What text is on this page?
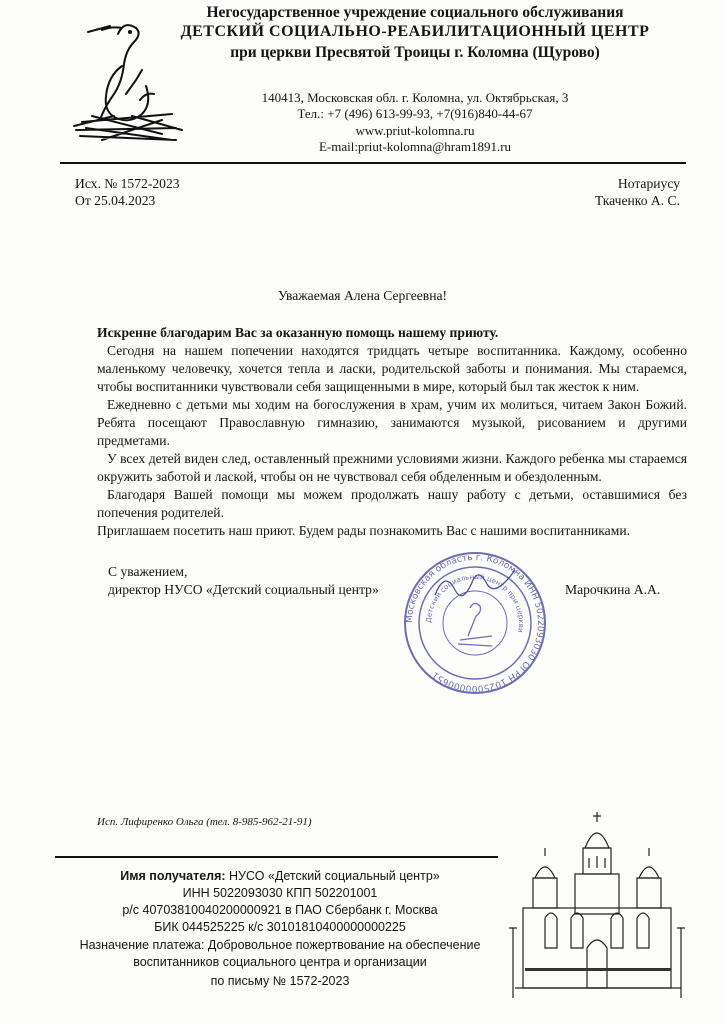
Негосударственное учреждение социального обслуживания
ДЕТСКИЙ СОЦИАЛЬНО-РЕАБИЛИТАЦИОННЫЙ ЦЕНТР
при церкви Пресвятой Троицы г. Коломна (Щурово)
140413, Московская обл. г. Коломна, ул. Октябрьская, 3
Тел.: +7 (496) 613-99-93, +7(916)840-44-67
www.priut-kolomna.ru
E-mail:priut-kolomna@hram1891.ru
Исх. № 1572-2023
От 25.04.2023
Нотариусу
Ткаченко А. С.
Уважаемая Алена Сергеевна!
Искренне благодарим Вас за оказанную помощь нашему приюту.
Сегодня на нашем попечении находятся тридцать четыре воспитанника. Каждому, особенно маленькому человечку, хочется тепла и ласки, родительской заботы и понимания. Мы стараемся, чтобы воспитанники чувствовали себя защищенными в мире, который был так жесток к ним.
Ежедневно с детьми мы ходим на богослужения в храм, учим их молиться, читаем Закон Божий. Ребята посещают Православную гимназию, занимаются музыкой, рисованием и другими предметами.
У всех детей виден след, оставленный прежними условиями жизни. Каждого ребенка мы стараемся окружить заботой и лаской, чтобы он не чувствовал себя обделенным и обездоленным.
Благодаря Вашей помощи мы можем продолжать нашу работу с детьми, оставшимися без попечения родителей.
Приглашаем посетить наш приют. Будем рады познакомить Вас с нашими воспитанниками.
С уважением,
директор НУСО «Детский социальный центр»	Марочкина А.А.
Московская область г. Коломна ИНН 5022093030 ОГРН 1025000000651
Детский социальный центр при церкви
Исп. Лифиренко Ольга (тел. 8-985-962-21-91)
Имя получателя: НУСО «Детский социальный центр»
ИНН 5022093030 КПП 502201001
р/с 40703810040200000921 в ПАО Сбербанк г. Москва
БИК 044525225 к/с 30101810400000000225
Назначение платежа: Добровольное пожертвование на обеспечение
воспитанников социального центра и организации
по письму № 1572-2023
